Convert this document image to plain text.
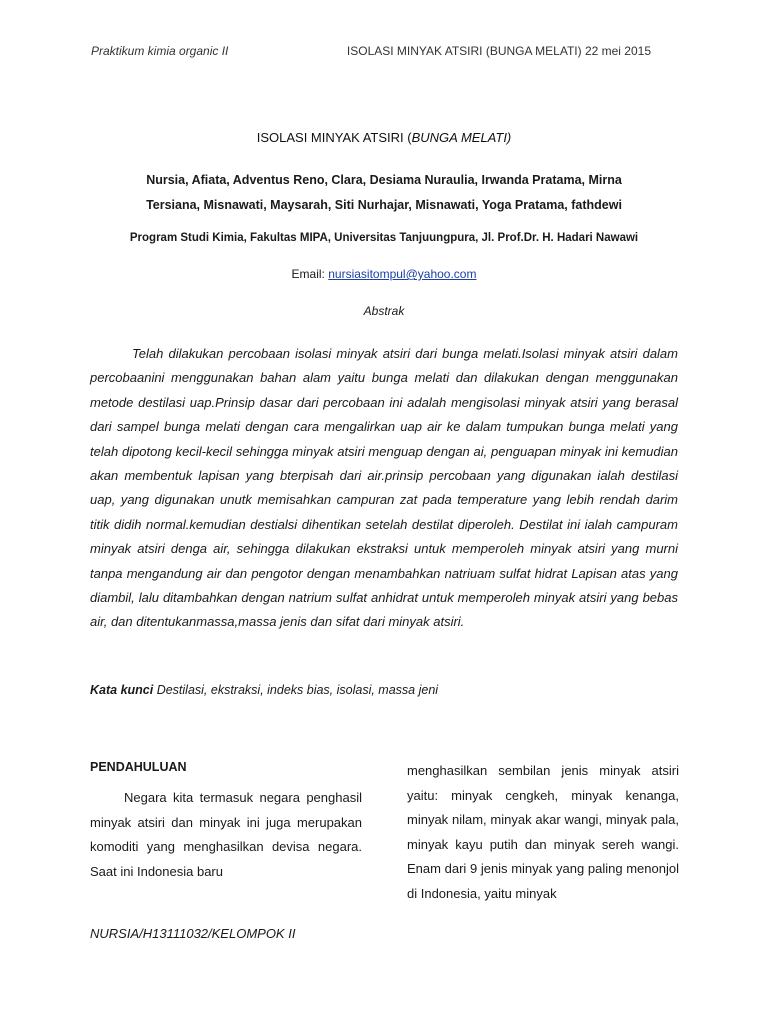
Praktikum kimia organic II	ISOLASI MINYAK ATSIRI (BUNGA MELATI) 22 mei 2015
ISOLASI MINYAK ATSIRI (BUNGA MELATI)
Nursia, Afiata, Adventus Reno, Clara, Desiama Nuraulia, Irwanda Pratama, Mirna
Tersiana, Misnawati, Maysarah, Siti Nurhajar, Misnawati, Yoga Pratama, fathdewi
Program Studi Kimia, Fakultas MIPA, Universitas Tanjuungpura, Jl. Prof.Dr. H. Hadari Nawawi
Email: nursiasitompul@yahoo.com
Abstrak

Telah dilakukan percobaan isolasi minyak atsiri dari bunga melati.Isolasi minyak atsiri dalam percobaanini menggunakan bahan alam yaitu bunga melati dan dilakukan dengan menggunakan metode destilasi uap.Prinsip dasar dari percobaan ini adalah mengisolasi minyak atsiri yang berasal dari sampel bunga melati dengan cara mengalirkan uap air ke dalam tumpukan bunga melati yang telah dipotong kecil-kecil sehingga minyak atsiri menguap dengan ai, penguapan minyak ini kemudian akan membentuk lapisan yang bterpisah dari air.prinsip percobaan yang digunakan ialah destilasi uap, yang digunakan unutk memisahkan campuran zat pada temperature yang lebih rendah darim titik didih normal.kemudian destialsi dihentikan setelah destilat diperoleh. Destilat ini ialah campuram minyak atsiri denga air, sehingga dilakukan ekstraksi untuk memperoleh minyak atsiri yang murni tanpa mengandung air dan pengotor dengan menambahkan natriuam sulfat hidrat Lapisan atas yang diambil, lalu ditambahkan dengan natrium sulfat anhidrat untuk memperoleh minyak atsiri yang bebas air, dan ditentukanmassa,massa jenis dan sifat dari minyak atsiri.

Kata kunci Destilasi, ekstraksi, indeks bias, isolasi, massa jeni
PENDAHULUAN

Negara kita termasuk negara penghasil minyak atsiri dan minyak ini juga merupakan komoditi yang menghasilkan devisa negara. Saat ini Indonesia baru

menghasilkan sembilan jenis minyak atsiri yaitu: minyak cengkeh, minyak kenanga, minyak nilam, minyak akar wangi, minyak pala, minyak kayu putih dan minyak sereh wangi. Enam dari 9 jenis minyak yang paling menonjol di Indonesia, yaitu minyak

NURSIA/H13111032/KELOMPOK II
